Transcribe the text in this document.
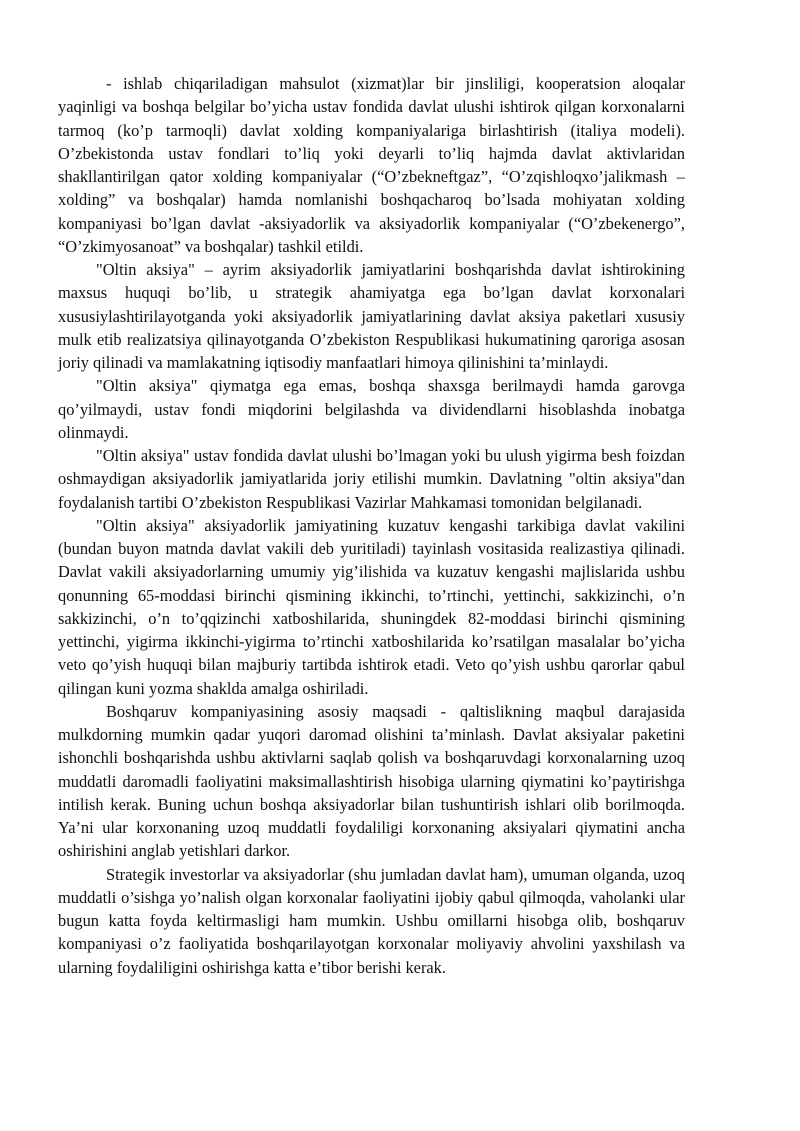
- ishlab chiqariladigan mahsulot (xizmat)lar bir jinsliligi, kooperatsion aloqalar yaqinligi va boshqa belgilar bo’yicha ustav fondida davlat ulushi ishtirok qilgan korxonalarni tarmoq (ko’p tarmoqli) davlat xolding kompaniyalariga birlashtirish (italiya modeli). O’zbekistonda ustav fondlari to’liq yoki deyarli to’liq hajmda davlat aktivlaridan shakllantirilgan qator xolding kompaniyalar (“O’zbekneftgaz”, “O’zqishloqxo’jalikmash – xolding” va boshqalar) hamda nomlanishi boshqacharoq bo’lsada mohiyatan xolding kompaniyasi bo’lgan davlat -aksiyadorlik va aksiyadorlik kompaniyalar (“O’zbekenergo”, “O’zkimyosanoat” va boshqalar) tashkil etildi.

"Oltin aksiya" – ayrim aksiyadorlik jamiyatlarini boshqarishda davlat ishtirokining maxsus huquqi bo’lib, u strategik ahamiyatga ega bo’lgan davlat korxonalari xususiylashtirilayotganda yoki aksiyadorlik jamiyatlarining davlat aksiya paketlari xususiy mulk etib realizatsiya qilinayotganda O’zbekiston Respublikasi hukumatining qaroriga asosan joriy qilinadi va mamlakatning iqtisodiy manfaatlari himoya qilinishini ta’minlaydi.

"Oltin aksiya" qiymatga ega emas, boshqa shaxsga berilmaydi hamda garovga qo’yilmaydi, ustav fondi miqdorini belgilashda va dividendlarni hisoblashda inobatga olinmaydi.

"Oltin aksiya" ustav fondida davlat ulushi bo’lmagan yoki bu ulush yigirma besh foizdan oshmaydigan aksiyadorlik jamiyatlarida joriy etilishi mumkin. Davlatning "oltin aksiya"dan foydalanish tartibi O’zbekiston Respublikasi Vazirlar Mahkamasi tomonidan belgilanadi.

"Oltin aksiya" aksiyadorlik jamiyatining kuzatuv kengashi tarkibiga davlat vakilini (bundan buyon matnda davlat vakili deb yuritiladi) tayinlash vositasida realizastiya qilinadi. Davlat vakili aksiyadorlarning umumiy yig’ilishida va kuzatuv kengashi majlislarida ushbu qonunning 65-moddasi birinchi qismining ikkinchi, to’rtinchi, yettinchi, sakkizinchi, o’n sakkizinchi, o’n to’qqizinchi xatboshilarida, shuningdek 82-moddasi birinchi qismining yettinchi, yigirma ikkinchi-yigirma to’rtinchi xatboshilarida ko’rsatilgan masalalar bo’yicha veto qo’yish huquqi bilan majburiy tartibda ishtirok etadi. Veto qo’yish ushbu qarorlar qabul qilingan kuni yozma shaklda amalga oshiriladi.

Boshqaruv kompaniyasining asosiy maqsadi - qaltislikning maqbul darajasida mulkdorning mumkin qadar yuqori daromad olishini ta’minlash. Davlat aksiyalar paketini ishonchli boshqarishda ushbu aktivlarni saqlab qolish va boshqaruvdagi korxonalarning uzoq muddatli daromadli faoliyatini maksimallashtirish hisobiga ularning qiymatini ko’paytirishga intilish kerak. Buning uchun boshqa aksiyadorlar bilan tushuntirish ishlari olib borilmoqda. Ya’ni ular korxonaning uzoq muddatli foydaliligi korxonaning aksiyalari qiymatini ancha oshirishini anglab yetishlari darkor.

Strategik investorlar va aksiyadorlar (shu jumladan davlat ham), umuman olganda, uzoq muddatli o’sishga yo’nalish olgan korxonalar faoliyatini ijobiy qabul qilmoqda, vaholanki ular bugun katta foyda keltirmasligi ham mumkin. Ushbu omillarni hisobga olib, boshqaruv kompaniyasi o’z faoliyatida boshqarilayotgan korxonalar moliyaviy ahvolini yaxshilash va ularning foydaliligini oshirishga katta e’tibor berishi kerak.
